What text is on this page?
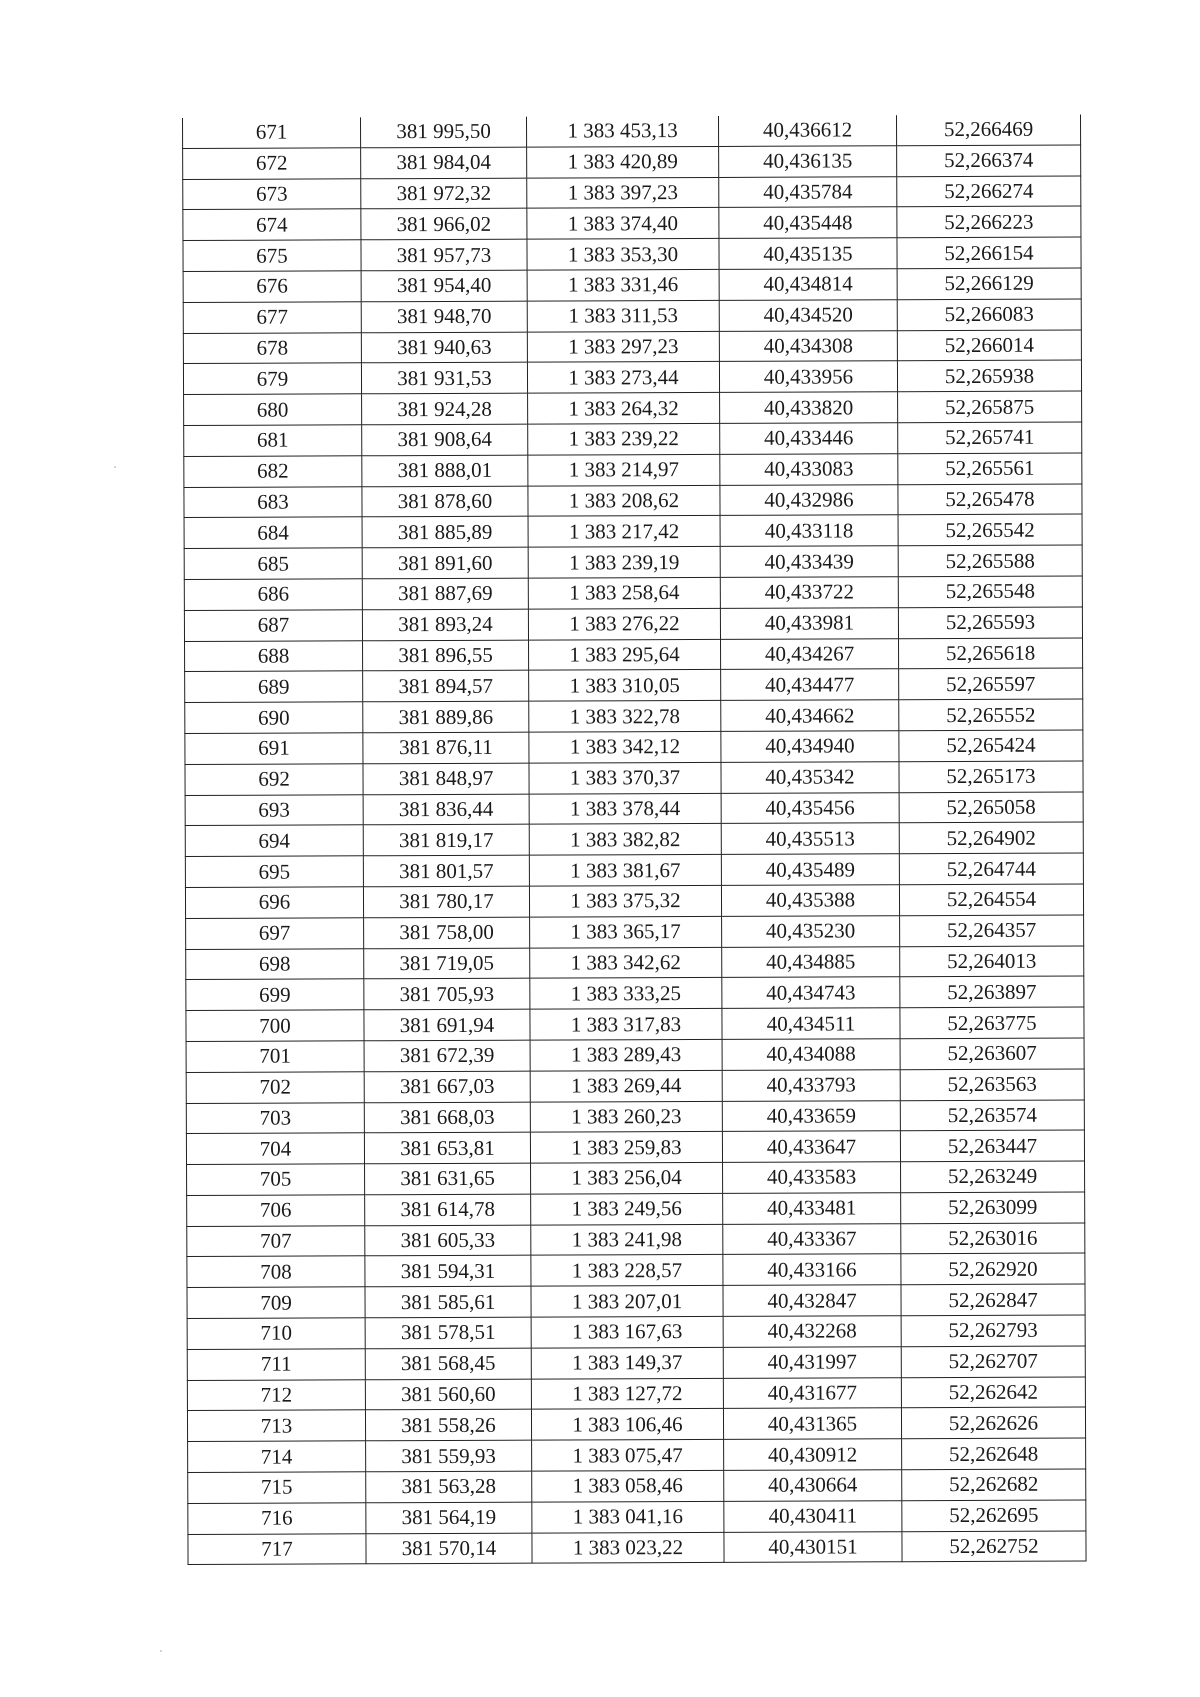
671	381 995,50	1 383 453,13	40,436612	52,266469
672	381 984,04	1 383 420,89	40,436135	52,266374
673	381 972,32	1 383 397,23	40,435784	52,266274
674	381 966,02	1 383 374,40	40,435448	52,266223
675	381 957,73	1 383 353,30	40,435135	52,266154
676	381 954,40	1 383 331,46	40,434814	52,266129
677	381 948,70	1 383 311,53	40,434520	52,266083
678	381 940,63	1 383 297,23	40,434308	52,266014
679	381 931,53	1 383 273,44	40,433956	52,265938
680	381 924,28	1 383 264,32	40,433820	52,265875
681	381 908,64	1 383 239,22	40,433446	52,265741
682	381 888,01	1 383 214,97	40,433083	52,265561
683	381 878,60	1 383 208,62	40,432986	52,265478
684	381 885,89	1 383 217,42	40,433118	52,265542
685	381 891,60	1 383 239,19	40,433439	52,265588
686	381 887,69	1 383 258,64	40,433722	52,265548
687	381 893,24	1 383 276,22	40,433981	52,265593
688	381 896,55	1 383 295,64	40,434267	52,265618
689	381 894,57	1 383 310,05	40,434477	52,265597
690	381 889,86	1 383 322,78	40,434662	52,265552
691	381 876,11	1 383 342,12	40,434940	52,265424
692	381 848,97	1 383 370,37	40,435342	52,265173
693	381 836,44	1 383 378,44	40,435456	52,265058
694	381 819,17	1 383 382,82	40,435513	52,264902
695	381 801,57	1 383 381,67	40,435489	52,264744
696	381 780,17	1 383 375,32	40,435388	52,264554
697	381 758,00	1 383 365,17	40,435230	52,264357
698	381 719,05	1 383 342,62	40,434885	52,264013
699	381 705,93	1 383 333,25	40,434743	52,263897
700	381 691,94	1 383 317,83	40,434511	52,263775
701	381 672,39	1 383 289,43	40,434088	52,263607
702	381 667,03	1 383 269,44	40,433793	52,263563
703	381 668,03	1 383 260,23	40,433659	52,263574
704	381 653,81	1 383 259,83	40,433647	52,263447
705	381 631,65	1 383 256,04	40,433583	52,263249
706	381 614,78	1 383 249,56	40,433481	52,263099
707	381 605,33	1 383 241,98	40,433367	52,263016
708	381 594,31	1 383 228,57	40,433166	52,262920
709	381 585,61	1 383 207,01	40,432847	52,262847
710	381 578,51	1 383 167,63	40,432268	52,262793
711	381 568,45	1 383 149,37	40,431997	52,262707
712	381 560,60	1 383 127,72	40,431677	52,262642
713	381 558,26	1 383 106,46	40,431365	52,262626
714	381 559,93	1 383 075,47	40,430912	52,262648
715	381 563,28	1 383 058,46	40,430664	52,262682
716	381 564,19	1 383 041,16	40,430411	52,262695
717	381 570,14	1 383 023,22	40,430151	52,262752
